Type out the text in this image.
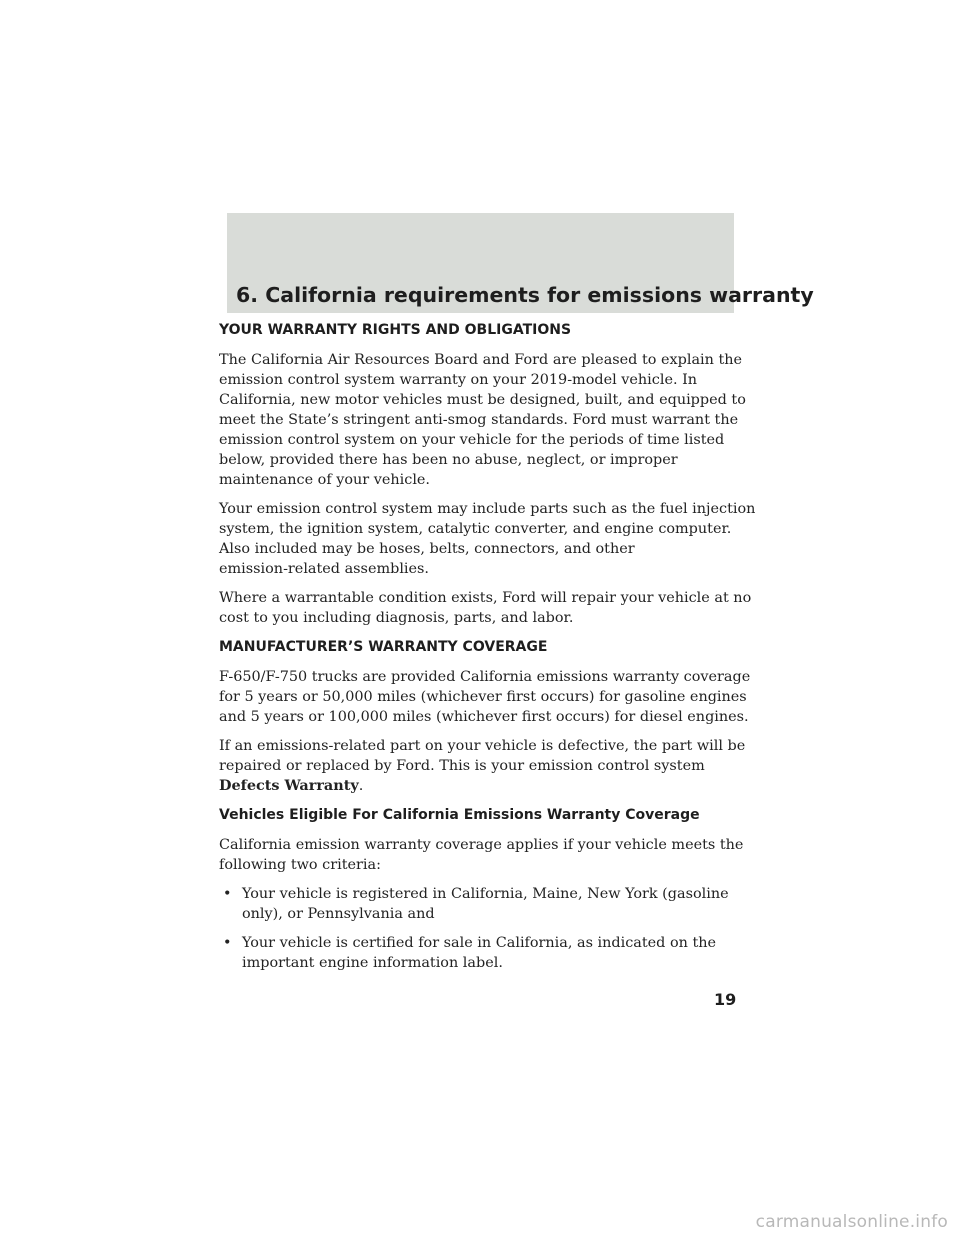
6. California requirements for emissions warranty
YOUR WARRANTY RIGHTS AND OBLIGATIONS

The California Air Resources Board and Ford are pleased to explain the
emission control system warranty on your 2019-model vehicle. In
California, new motor vehicles must be designed, built, and equipped to
meet the State’s stringent anti-smog standards. Ford must warrant the
emission control system on your vehicle for the periods of time listed
below, provided there has been no abuse, neglect, or improper
maintenance of your vehicle.

Your emission control system may include parts such as the fuel injection
system, the ignition system, catalytic converter, and engine computer.
Also included may be hoses, belts, connectors, and other
emission-related assemblies.

Where a warrantable condition exists, Ford will repair your vehicle at no
cost to you including diagnosis, parts, and labor.

MANUFACTURER’S WARRANTY COVERAGE

F-650/F-750 trucks are provided California emissions warranty coverage
for 5 years or 50,000 miles (whichever first occurs) for gasoline engines
and 5 years or 100,000 miles (whichever first occurs) for diesel engines.

If an emissions-related part on your vehicle is defective, the part will be
repaired or replaced by Ford. This is your emission control system
Defects Warranty.

Vehicles Eligible For California Emissions Warranty Coverage

California emission warranty coverage applies if your vehicle meets the
following two criteria:

• Your vehicle is registered in California, Maine, New York (gasoline
only), or Pennsylvania and
• Your vehicle is certified for sale in California, as indicated on the
important engine information label.
19
carmanualsonline.info
